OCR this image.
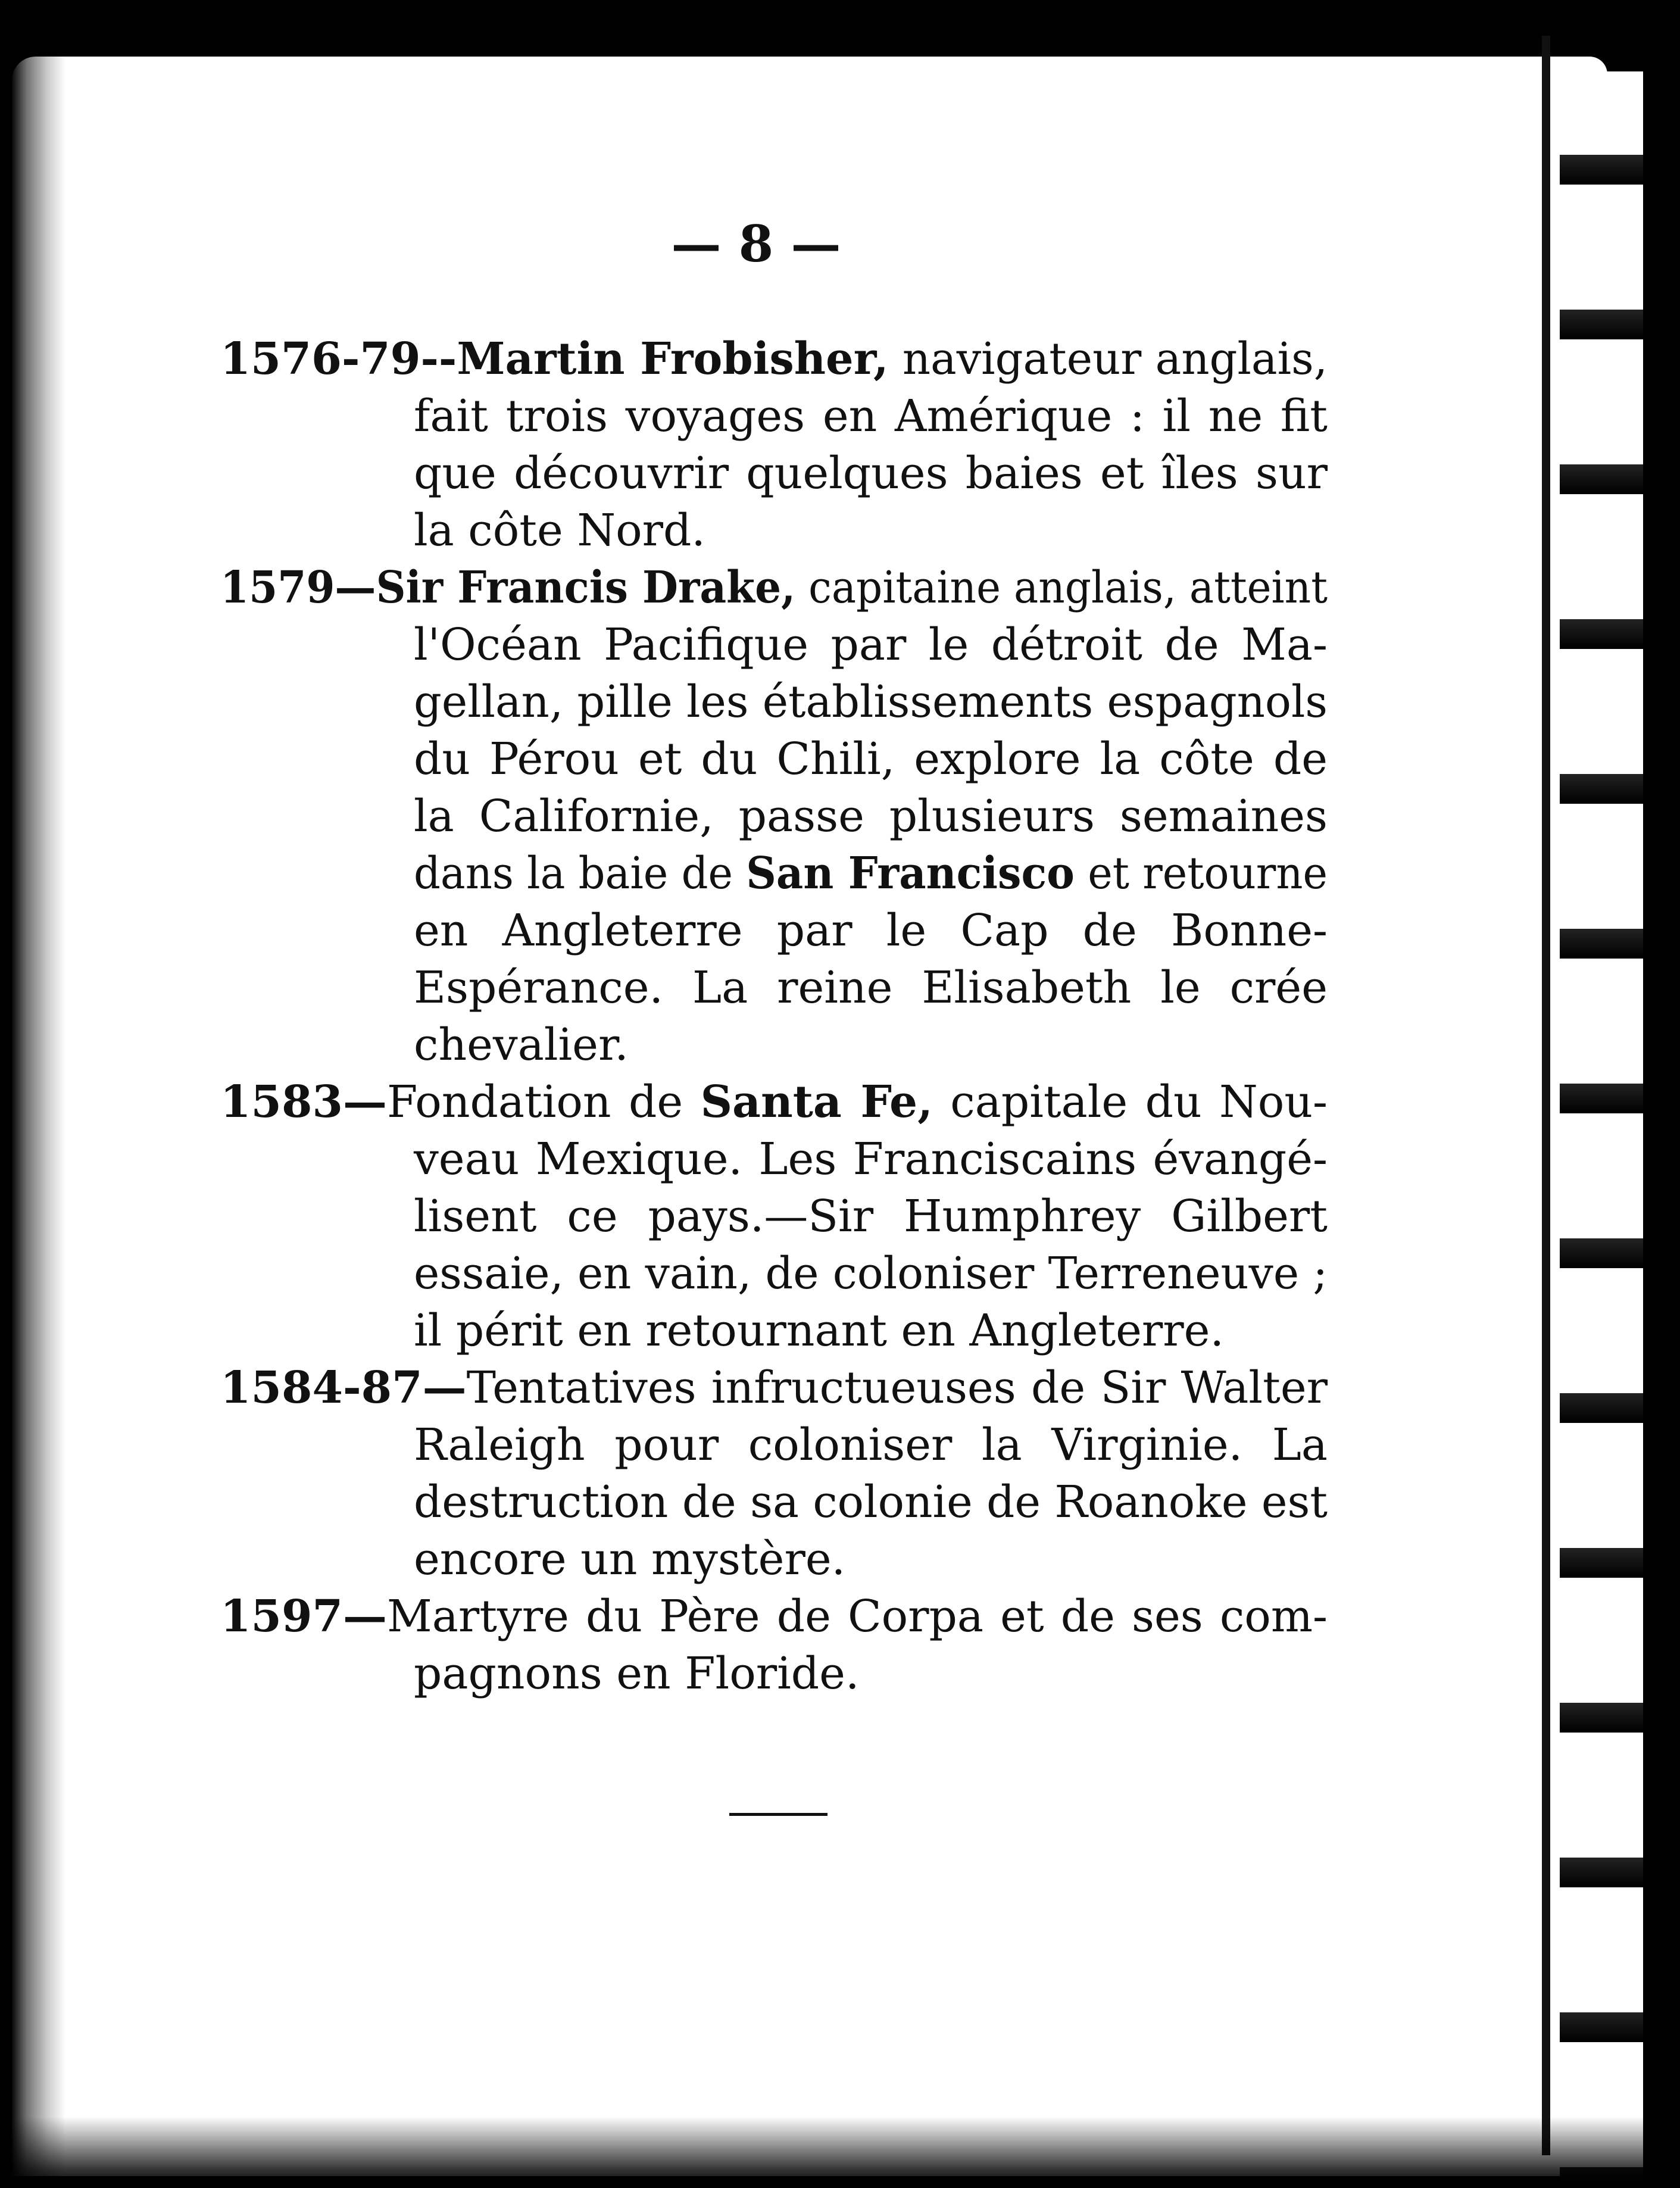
— 8 —
1576-79--Martin Frobisher, navigateur anglais,
fait trois voyages en Amérique : il ne fit
que découvrir quelques baies et îles sur
la côte Nord.
1579—Sir Francis Drake, capitaine anglais, atteint
l'Océan Pacifique par le détroit de Ma-
gellan, pille les établissements espagnols
du Pérou et du Chili, explore la côte de
la Californie, passe plusieurs semaines
dans la baie de San Francisco et retourne
en Angleterre par le Cap de Bonne-
Espérance. La reine Elisabeth le crée
chevalier.
1583—Fondation de Santa Fe, capitale du Nou-
veau Mexique. Les Franciscains évangé-
lisent ce pays.—Sir Humphrey Gilbert
essaie, en vain, de coloniser Terreneuve ;
il périt en retournant en Angleterre.
1584-87—Tentatives infructueuses de Sir Walter
Raleigh pour coloniser la Virginie. La
destruction de sa colonie de Roanoke est
encore un mystère.
1597—Martyre du Père de Corpa et de ses com-
pagnons en Floride.
